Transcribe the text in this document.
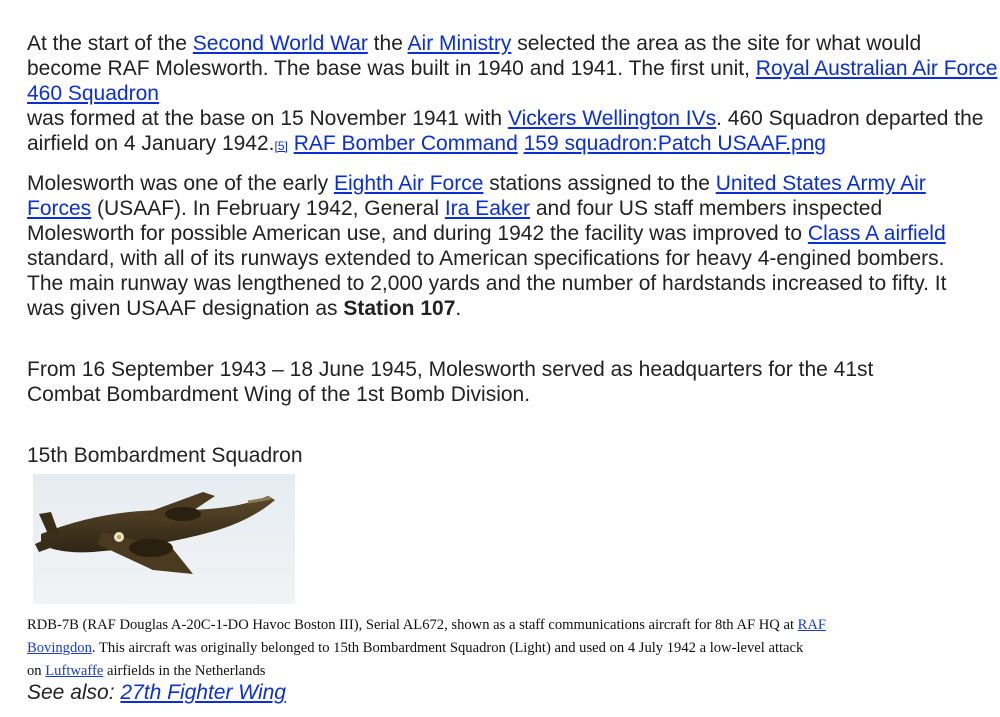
At the start of the Second World War the Air Ministry selected the area as the site for what would become RAF Molesworth. The base was built in 1940 and 1941. The first unit, Royal Australian Air Force 460 Squadron
was formed at the base on 15 November 1941 with Vickers Wellington IVs. 460 Squadron departed the airfield on 4 January 1942.[5] RAF Bomber Command 159 squadron:Patch USAAF.png

Molesworth was one of the early Eighth Air Force stations assigned to the United States Army Air Forces (USAAF). In February 1942, General Ira Eaker and four US staff members inspected Molesworth for possible American use, and during 1942 the facility was improved to Class A airfield standard, with all of its runways extended to American specifications for heavy 4-engined bombers. The main runway was lengthened to 2,000 yards and the number of hardstands increased to fifty. It was given USAAF designation as Station 107.

From 16 September 1943 – 18 June 1945, Molesworth served as headquarters for the 41st
Combat Bombardment Wing of the 1st Bomb Division.

15th Bombardment Squadron

RDB-7B (RAF Douglas A-20C-1-DO Havoc Boston III), Serial AL672, shown as a staff communications aircraft for 8th AF HQ at RAF
Bovingdon. This aircraft was originally belonged to 15th Bombardment Squadron (Light) and used on 4 July 1942 a low-level attack
on Luftwaffe airfields in the Netherlands

See also: 27th Fighter Wing
